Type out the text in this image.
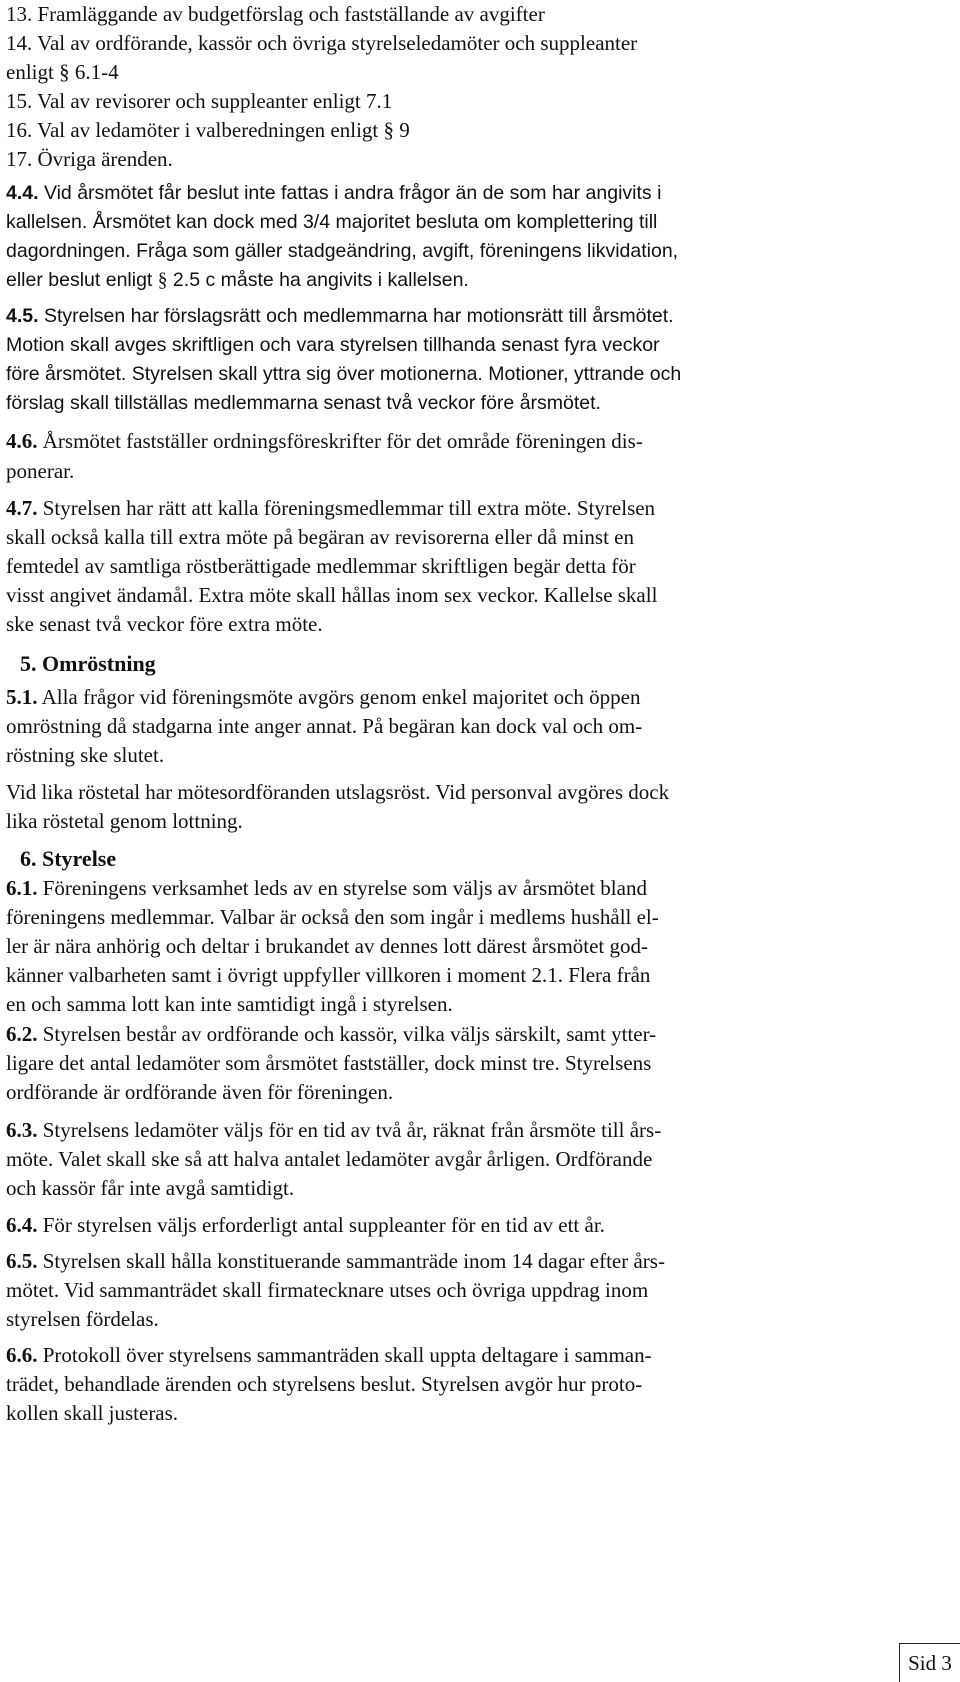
13. Framläggande av budgetförslag och fastställande av avgifter
14. Val av ordförande, kassör och övriga styrelseledamöter och suppleanter
enligt § 6.1-4
15. Val av revisorer och suppleanter enligt 7.1
16. Val av ledamöter i valberedningen enligt § 9
17. Övriga ärenden.
4.4. Vid årsmötet får beslut inte fattas i andra frågor än de som har angivits i
kallelsen. Årsmötet kan dock med 3/4 majoritet besluta om komplettering till
dagordningen. Fråga som gäller stadgeändring, avgift, föreningens likvidation,
eller beslut enligt § 2.5 c måste ha angivits i kallelsen.
4.5. Styrelsen har förslagsrätt och medlemmarna har motionsrätt till årsmötet.
Motion skall avges skriftligen och vara styrelsen tillhanda senast fyra veckor
före årsmötet. Styrelsen skall yttra sig över motionerna. Motioner, yttrande och
förslag skall tillställas medlemmarna senast två veckor före årsmötet.
4.6. Årsmötet fastställer ordningsföreskrifter för det område föreningen dis-
ponerar.
4.7. Styrelsen har rätt att kalla föreningsmedlemmar till extra möte. Styrelsen
skall också kalla till extra möte på begäran av revisorerna eller då minst en
femtedel av samtliga röstberättigade medlemmar skriftligen begär detta för
visst angivet ändamål. Extra möte skall hållas inom sex veckor. Kallelse skall
ske senast två veckor före extra möte.
5. Omröstning
5.1. Alla frågor vid föreningsmöte avgörs genom enkel majoritet och öppen
omröstning då stadgarna inte anger annat. På begäran kan dock val och om-
röstning ske slutet.
Vid lika röstetal har mötesordföranden utslagsröst. Vid personval avgöres dock
lika röstetal genom lottning.
6. Styrelse
6.1. Föreningens verksamhet leds av en styrelse som väljs av årsmötet bland
föreningens medlemmar. Valbar är också den som ingår i medlems hushåll el-
ler är nära anhörig och deltar i brukandet av dennes lott därest årsmötet god-
känner valbarheten samt i övrigt uppfyller villkoren i moment 2.1. Flera från
en och samma lott kan inte samtidigt ingå i styrelsen.
6.2. Styrelsen består av ordförande och kassör, vilka väljs särskilt, samt ytter-
ligare det antal ledamöter som årsmötet fastställer, dock minst tre. Styrelsens
ordförande är ordförande även för föreningen.
6.3. Styrelsens ledamöter väljs för en tid av två år, räknat från årsmöte till års-
möte. Valet skall ske så att halva antalet ledamöter avgår årligen. Ordförande
och kassör får inte avgå samtidigt.
6.4. För styrelsen väljs erforderligt antal suppleanter för en tid av ett år.
6.5. Styrelsen skall hålla konstituerande sammanträde inom 14 dagar efter års-
mötet. Vid sammanträdet skall firmatecknare utses och övriga uppdrag inom
styrelsen fördelas.
6.6. Protokoll över styrelsens sammanträden skall uppta deltagare i samman-
trädet, behandlade ärenden och styrelsens beslut. Styrelsen avgör hur proto-
kollen skall justeras.
Sid 3
